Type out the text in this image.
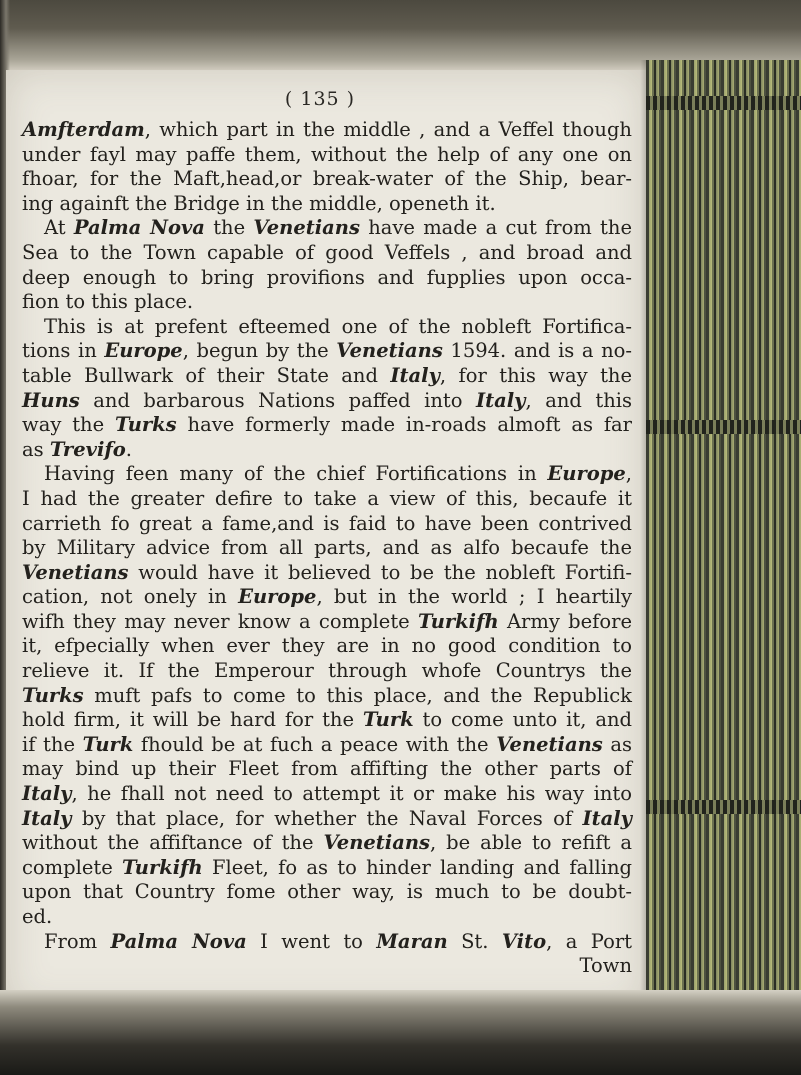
( 135 )
Amfterdam, which part in the middle , and a Veffel though
under fayl may paffe them, without the help of any one on
fhoar, for the Maft,head,or break-water of the Ship, bear-
ing againft the Bridge in the middle, openeth it.
At Palma Nova the Venetians have made a cut from the
Sea to the Town capable of good Veffels , and broad and
deep enough to bring provifions and fupplies upon occa-
fion to this place.
This is at prefent efteemed one of the nobleft Fortifica-
tions in Europe, begun by the Venetians 1594. and is a no-
table Bullwark of their State and Italy, for this way the
Huns and barbarous Nations paffed into Italy, and this
way the Turks have formerly made in-roads almoft as far
as Trevifo.
Having feen many of the chief Fortifications in Europe,
I had the greater defire to take a view of this, becaufe it
carrieth fo great a fame,and is faid to have been contrived
by Military advice from all parts, and as alfo becaufe the
Venetians would have it believed to be the nobleft Fortifi-
cation, not onely in Europe, but in the world ; I heartily
wifh they may never know a complete Turkifh Army before
it, efpecially when ever they are in no good condition to
relieve it. If the Emperour through whofe Countrys the
Turks muft pafs to come to this place, and the Republick
hold firm, it will be hard for the Turk to come unto it, and
if the Turk fhould be at fuch a peace with the Venetians as
may bind up their Fleet from affifting the other parts of
Italy, he fhall not need to attempt it or make his way into
Italy by that place, for whether the Naval Forces of Italy
without the affiftance of the Venetians, be able to refift a
complete Turkifh Fleet, fo as to hinder landing and falling
upon that Country fome other way, is much to be doubt-
ed.
From Palma Nova I went to Maran St. Vito, a Port
Town
